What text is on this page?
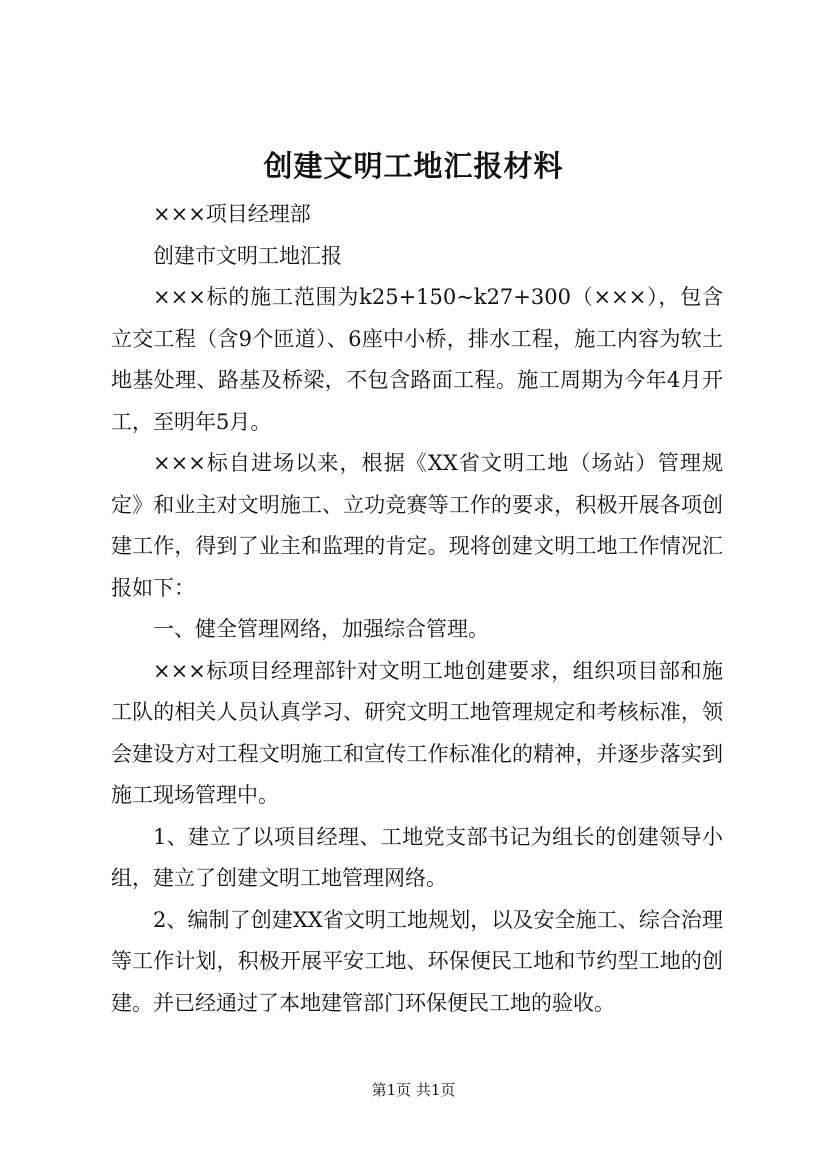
创建文明工地汇报材料

×××项目经理部

创建市文明工地汇报

×××标的施工范围为k25+150~k27+300（×××），包含立交工程（含9个匝道）、6座中小桥，排水工程，施工内容为软土地基处理、路基及桥梁，不包含路面工程。施工周期为今年4月开工，至明年5月。

×××标自进场以来，根据《XX省文明工地（场站）管理规定》和业主对文明施工、立功竞赛等工作的要求，积极开展各项创建工作，得到了业主和监理的肯定。现将创建文明工地工作情况汇报如下：

一、健全管理网络，加强综合管理。

×××标项目经理部针对文明工地创建要求，组织项目部和施工队的相关人员认真学习、研究文明工地管理规定和考核标准，领会建设方对工程文明施工和宣传工作标准化的精神，并逐步落实到施工现场管理中。

1、建立了以项目经理、工地党支部书记为组长的创建领导小组，建立了创建文明工地管理网络。

2、编制了创建XX省文明工地规划，以及安全施工、综合治理等工作计划，积极开展平安工地、环保便民工地和节约型工地的创建。并已经通过了本地建管部门环保便民工地的验收。

第1页 共1页
